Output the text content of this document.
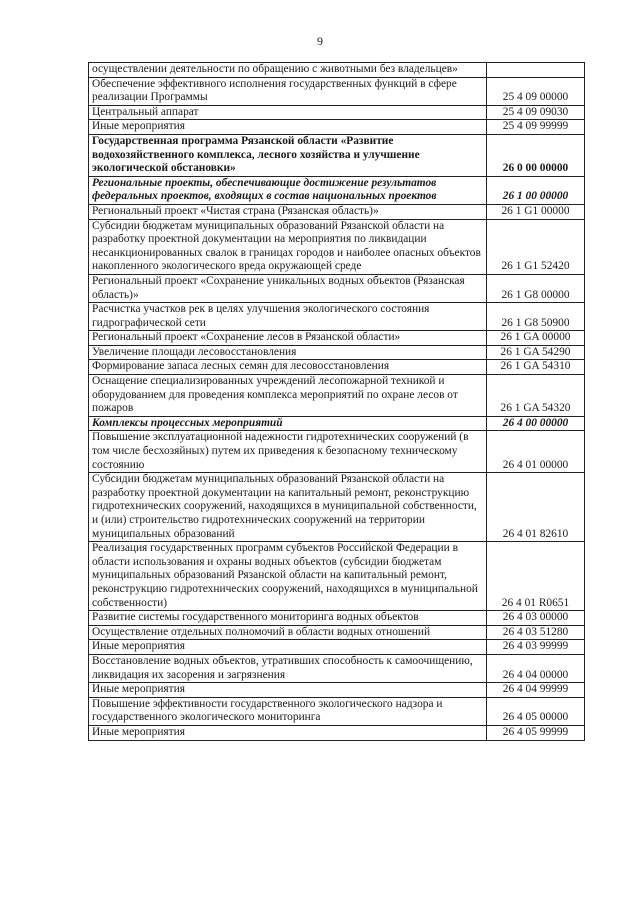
9
осуществлении деятельности по обращению с животными без владельцев»	
Обеспечение эффективного исполнения государственных функций в сфере реализации Программы	25 4 09 00000
Центральный аппарат	25 4 09 09030
Иные мероприятия	25 4 09 99999
Государственная программа Рязанской области «Развитие водохозяйственного комплекса, лесного хозяйства и улучшение экологической обстановки»	26 0 00 00000
Региональные проекты, обеспечивающие достижение результатов федеральных проектов, входящих в состав национальных проектов	26 1 00 00000
Региональный проект «Чистая страна (Рязанская область)»	26 1 G1 00000
Субсидии бюджетам муниципальных образований Рязанской области на разработку проектной документации на мероприятия по ликвидации несанкционированных свалок в границах городов и наиболее опасных объектов накопленного экологического вреда окружающей среде	26 1 G1 52420
Региональный проект «Сохранение уникальных водных объектов (Рязанская область)»	26 1 G8 00000
Расчистка участков рек в целях улучшения экологического состояния гидрографической сети	26 1 G8 50900
Региональный проект «Сохранение лесов в Рязанской области»	26 1 GA 00000
Увеличение площади лесовосстановления	26 1 GA 54290
Формирование запаса лесных семян для лесовосстановления	26 1 GA 54310
Оснащение специализированных учреждений лесопожарной техникой и оборудованием для проведения комплекса мероприятий по охране лесов от пожаров	26 1 GA 54320
Комплексы процессных мероприятий	26 4 00 00000
Повышение эксплуатационной надежности гидротехнических сооружений (в том числе бесхозяйных) путем их приведения к безопасному техническому состоянию	26 4 01 00000
Субсидии бюджетам муниципальных образований Рязанской области на разработку проектной документации на капитальный ремонт, реконструкцию гидротехнических сооружений, находящихся в муниципальной собственности, и (или) строительство гидротехнических сооружений на территории муниципальных образований	26 4 01 82610
Реализация государственных программ субъектов Российской Федерации в области использования и охраны водных объектов (субсидии бюджетам муниципальных образований Рязанской области на капитальный ремонт, реконструкцию гидротехнических сооружений, находящихся в муниципальной собственности)	26 4 01 R0651
Развитие системы государственного мониторинга водных объектов	26 4 03 00000
Осуществление отдельных полномочий в области водных отношений	26 4 03 51280
Иные мероприятия	26 4 03 99999
Восстановление водных объектов, утративших способность к самоочищению, ликвидация их засорения и загрязнения	26 4 04 00000
Иные мероприятия	26 4 04 99999
Повышение эффективности государственного экологического надзора и государственного экологического мониторинга	26 4 05 00000
Иные мероприятия	26 4 05 99999
